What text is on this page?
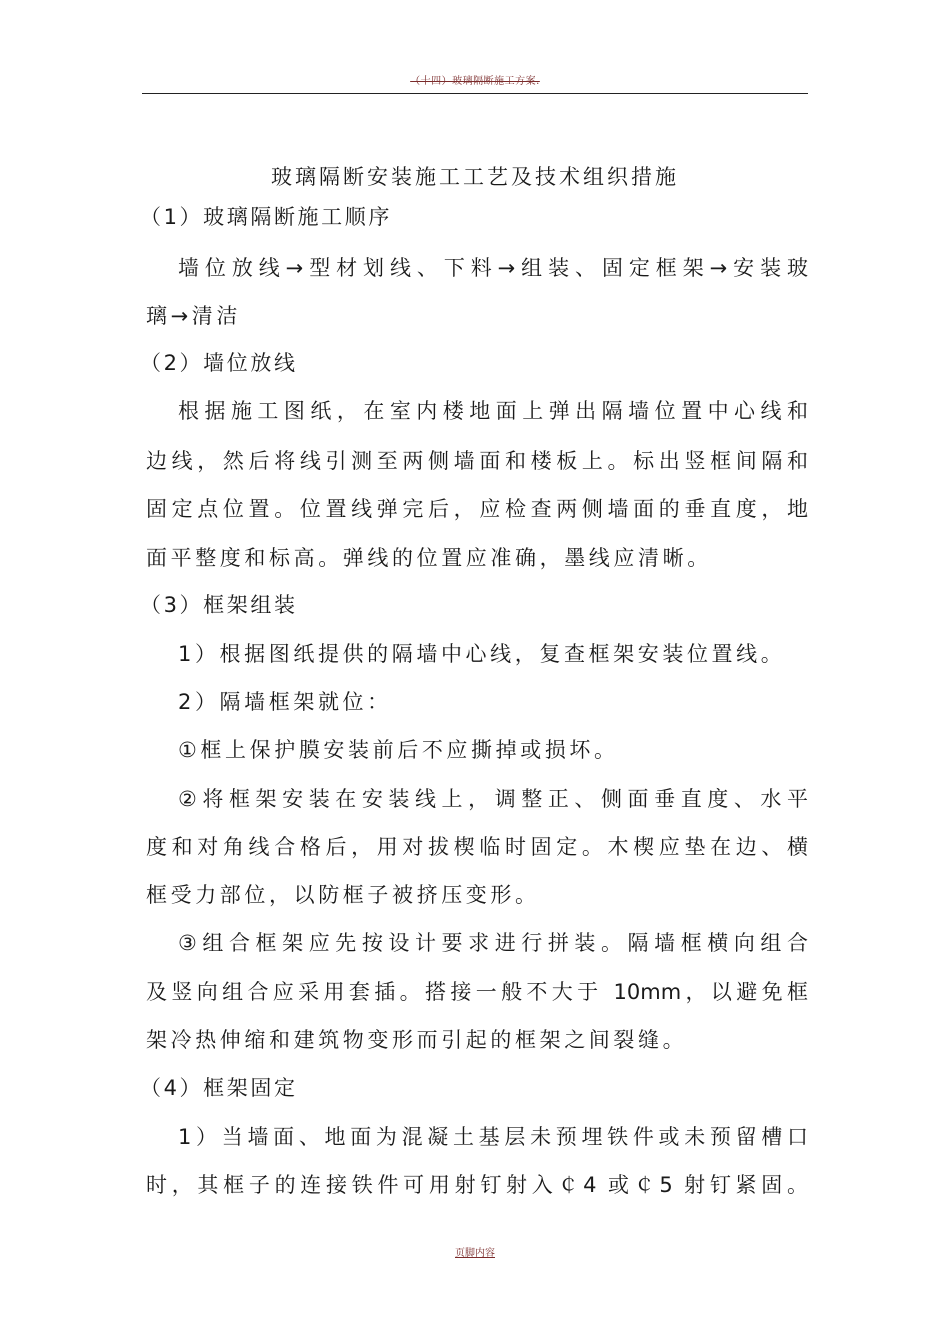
（十四）玻璃隔断施工方案.
玻璃隔断安装施工工艺及技术组织措施
（1）玻璃隔断施工顺序
墙位放线→型材划线、下料→组装、固定框架→安装玻
璃→清洁
（2）墙位放线
根据施工图纸，在室内楼地面上弹出隔墙位置中心线和
边线，然后将线引测至两侧墙面和楼板上。标出竖框间隔和
固定点位置。位置线弹完后，应检查两侧墙面的垂直度，地
面平整度和标高。弹线的位置应准确，墨线应清晰。
（3）框架组装
1）根据图纸提供的隔墙中心线，复查框架安装位置线。
2）隔墙框架就位：
①框上保护膜安装前后不应撕掉或损坏。
②将框架安装在安装线上，调整正、侧面垂直度、水平
度和对角线合格后，用对拔楔临时固定。木楔应垫在边、横
框受力部位，以防框子被挤压变形。
③组合框架应先按设计要求进行拼装。隔墙框横向组合
及竖向组合应采用套插。搭接一般不大于 10mm，以避免框
架冷热伸缩和建筑物变形而引起的框架之间裂缝。
（4）框架固定
1）当墙面、地面为混凝土基层未预埋铁件或未预留槽口
时，其框子的连接铁件可用射钉射入￠4 或￠5 射钉紧固。
页脚内容
